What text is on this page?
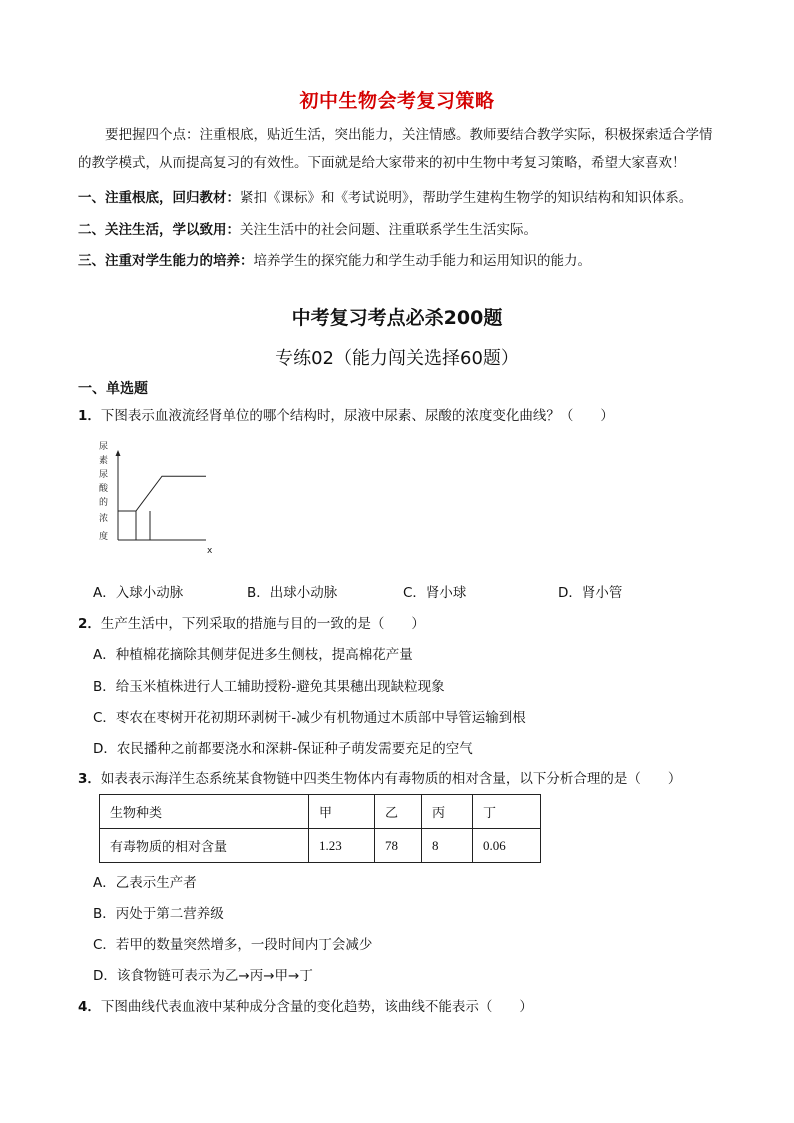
初中生物会考复习策略
要把握四个点：注重根底，贴近生活，突出能力，关注情感。教师要结合教学实际，积极探索适合学情的教学模式，从而提高复习的有效性。下面就是给大家带来的初中生物中考复习策略，希望大家喜欢！
一、注重根底，回归教材：紧扣《课标》和《考试说明》，帮助学生建构生物学的知识结构和知识体系。
二、关注生活，学以致用：关注生活中的社会问题、注重联系学生生活实际。
三、注重对学生能力的培养：培养学生的探究能力和学生动手能力和运用知识的能力。
中考复习考点必杀200题
专练02（能力闯关选择60题）
一、单选题
1．下图表示血液流经肾单位的哪个结构时，尿液中尿素、尿酸的浓度变化曲线？（　　）
尿
素
尿
酸
的
浓
度
x
A．入球小动脉	B．出球小动脉	C．肾小球	D．肾小管
2．生产生活中，下列采取的措施与目的一致的是（　　）
A．种植棉花摘除其侧芽促进多生侧枝，提高棉花产量
B．给玉米植株进行人工辅助授粉-避免其果穗出现缺粒现象
C．枣农在枣树开花初期环剥树干-减少有机物通过木质部中导管运输到根
D．农民播种之前都要浇水和深耕-保证种子萌发需要充足的空气
3．如表表示海洋生态系统某食物链中四类生物体内有毒物质的相对含量，以下分析合理的是（　　）
生物种类	甲	乙	丙	丁
有毒物质的相对含量	1.23	78	8	0.06
A．乙表示生产者
B．丙处于第二营养级
C．若甲的数量突然增多，一段时间内丁会减少
D．该食物链可表示为乙→丙→甲→丁
4．下图曲线代表血液中某种成分含量的变化趋势，该曲线不能表示（　　）
